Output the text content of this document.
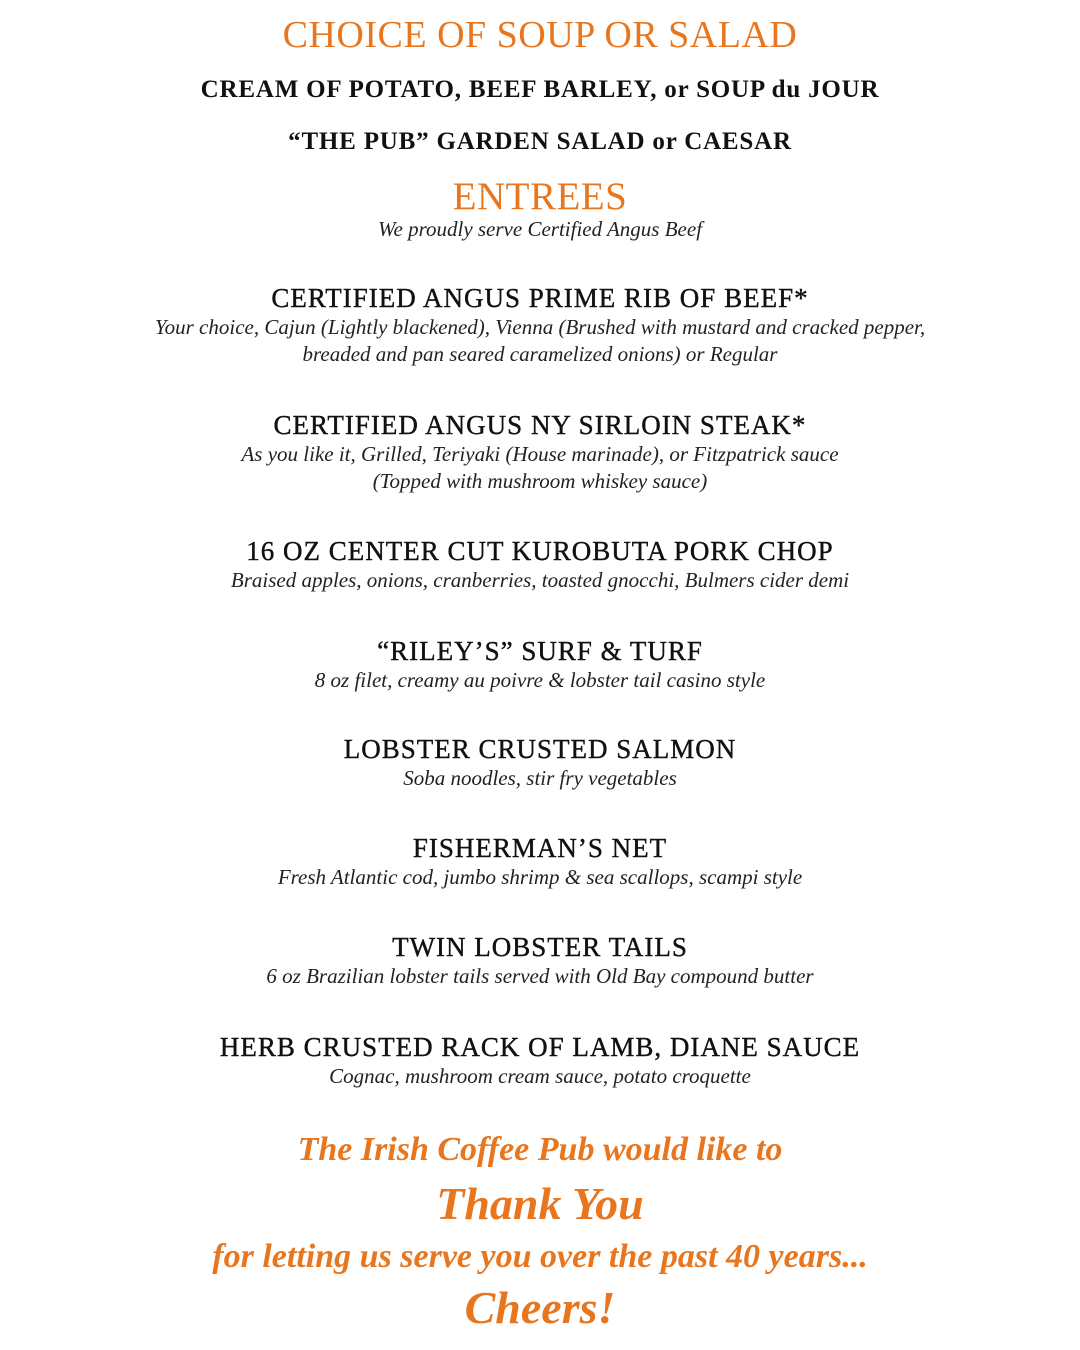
CHOICE OF SOUP OR SALAD
CREAM OF POTATO, BEEF BARLEY, or SOUP du JOUR
“THE PUB” GARDEN SALAD or CAESAR
ENTREES
We proudly serve Certified Angus Beef
CERTIFIED ANGUS PRIME RIB OF BEEF*
Your choice, Cajun (Lightly blackened), Vienna (Brushed with mustard and cracked pepper,
breaded and pan seared caramelized onions) or Regular
CERTIFIED ANGUS NY SIRLOIN STEAK*
As you like it, Grilled, Teriyaki (House marinade), or Fitzpatrick sauce
(Topped with mushroom whiskey sauce)
16 OZ CENTER CUT KUROBUTA PORK CHOP
Braised apples, onions, cranberries, toasted gnocchi, Bulmers cider demi
“RILEY’S” SURF & TURF
8 oz filet, creamy au poivre & lobster tail casino style
LOBSTER CRUSTED SALMON
Soba noodles, stir fry vegetables
FISHERMAN’S NET
Fresh Atlantic cod, jumbo shrimp & sea scallops, scampi style
TWIN LOBSTER TAILS
6 oz Brazilian lobster tails served with Old Bay compound butter
HERB CRUSTED RACK OF LAMB, DIANE SAUCE
Cognac, mushroom cream sauce, potato croquette
The Irish Coffee Pub would like to
Thank You
for letting us serve you over the past 40 years...
Cheers!
